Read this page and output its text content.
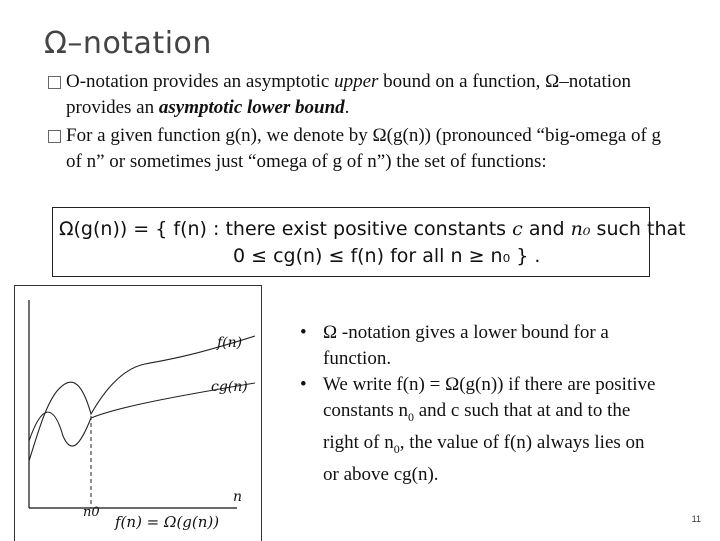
Ω–notation
O-notation provides an asymptotic upper bound on a function, Ω–notation provides an asymptotic lower bound.
For a given function g(n), we denote by Ω(g(n)) (pronounced “big-omega of g of n” or sometimes just “omega of g of n”) the set of functions:
Ω(g(n)) = { f(n) : there exist positive constants c and n₀ such that
0 ≤ cg(n) ≤ f(n) for all n ≥ n₀ } .
f(n)
cg(n)
n
n0
f(n) = Ω(g(n))
• Ω -notation gives a lower bound for a function.
• We write f(n) = Ω(g(n)) if there are positive constants $n_0$ and c such that at and to the right of $n_0$, the value of f(n) always lies on or above cg(n).
11
